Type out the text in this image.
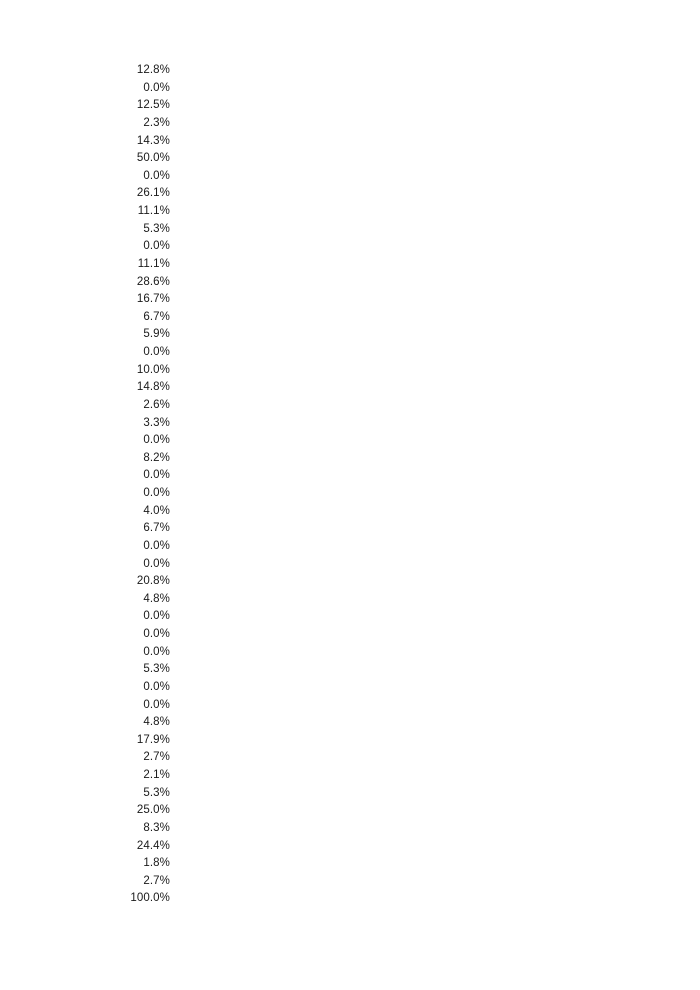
12.8%
0.0%
12.5%
2.3%
14.3%
50.0%
0.0%
26.1%
11.1%
5.3%
0.0%
11.1%
28.6%
16.7%
6.7%
5.9%
0.0%
10.0%
14.8%
2.6%
3.3%
0.0%
8.2%
0.0%
0.0%
4.0%
6.7%
0.0%
0.0%
20.8%
4.8%
0.0%
0.0%
0.0%
5.3%
0.0%
0.0%
4.8%
17.9%
2.7%
2.1%
5.3%
25.0%
8.3%
24.4%
1.8%
2.7%
100.0%
